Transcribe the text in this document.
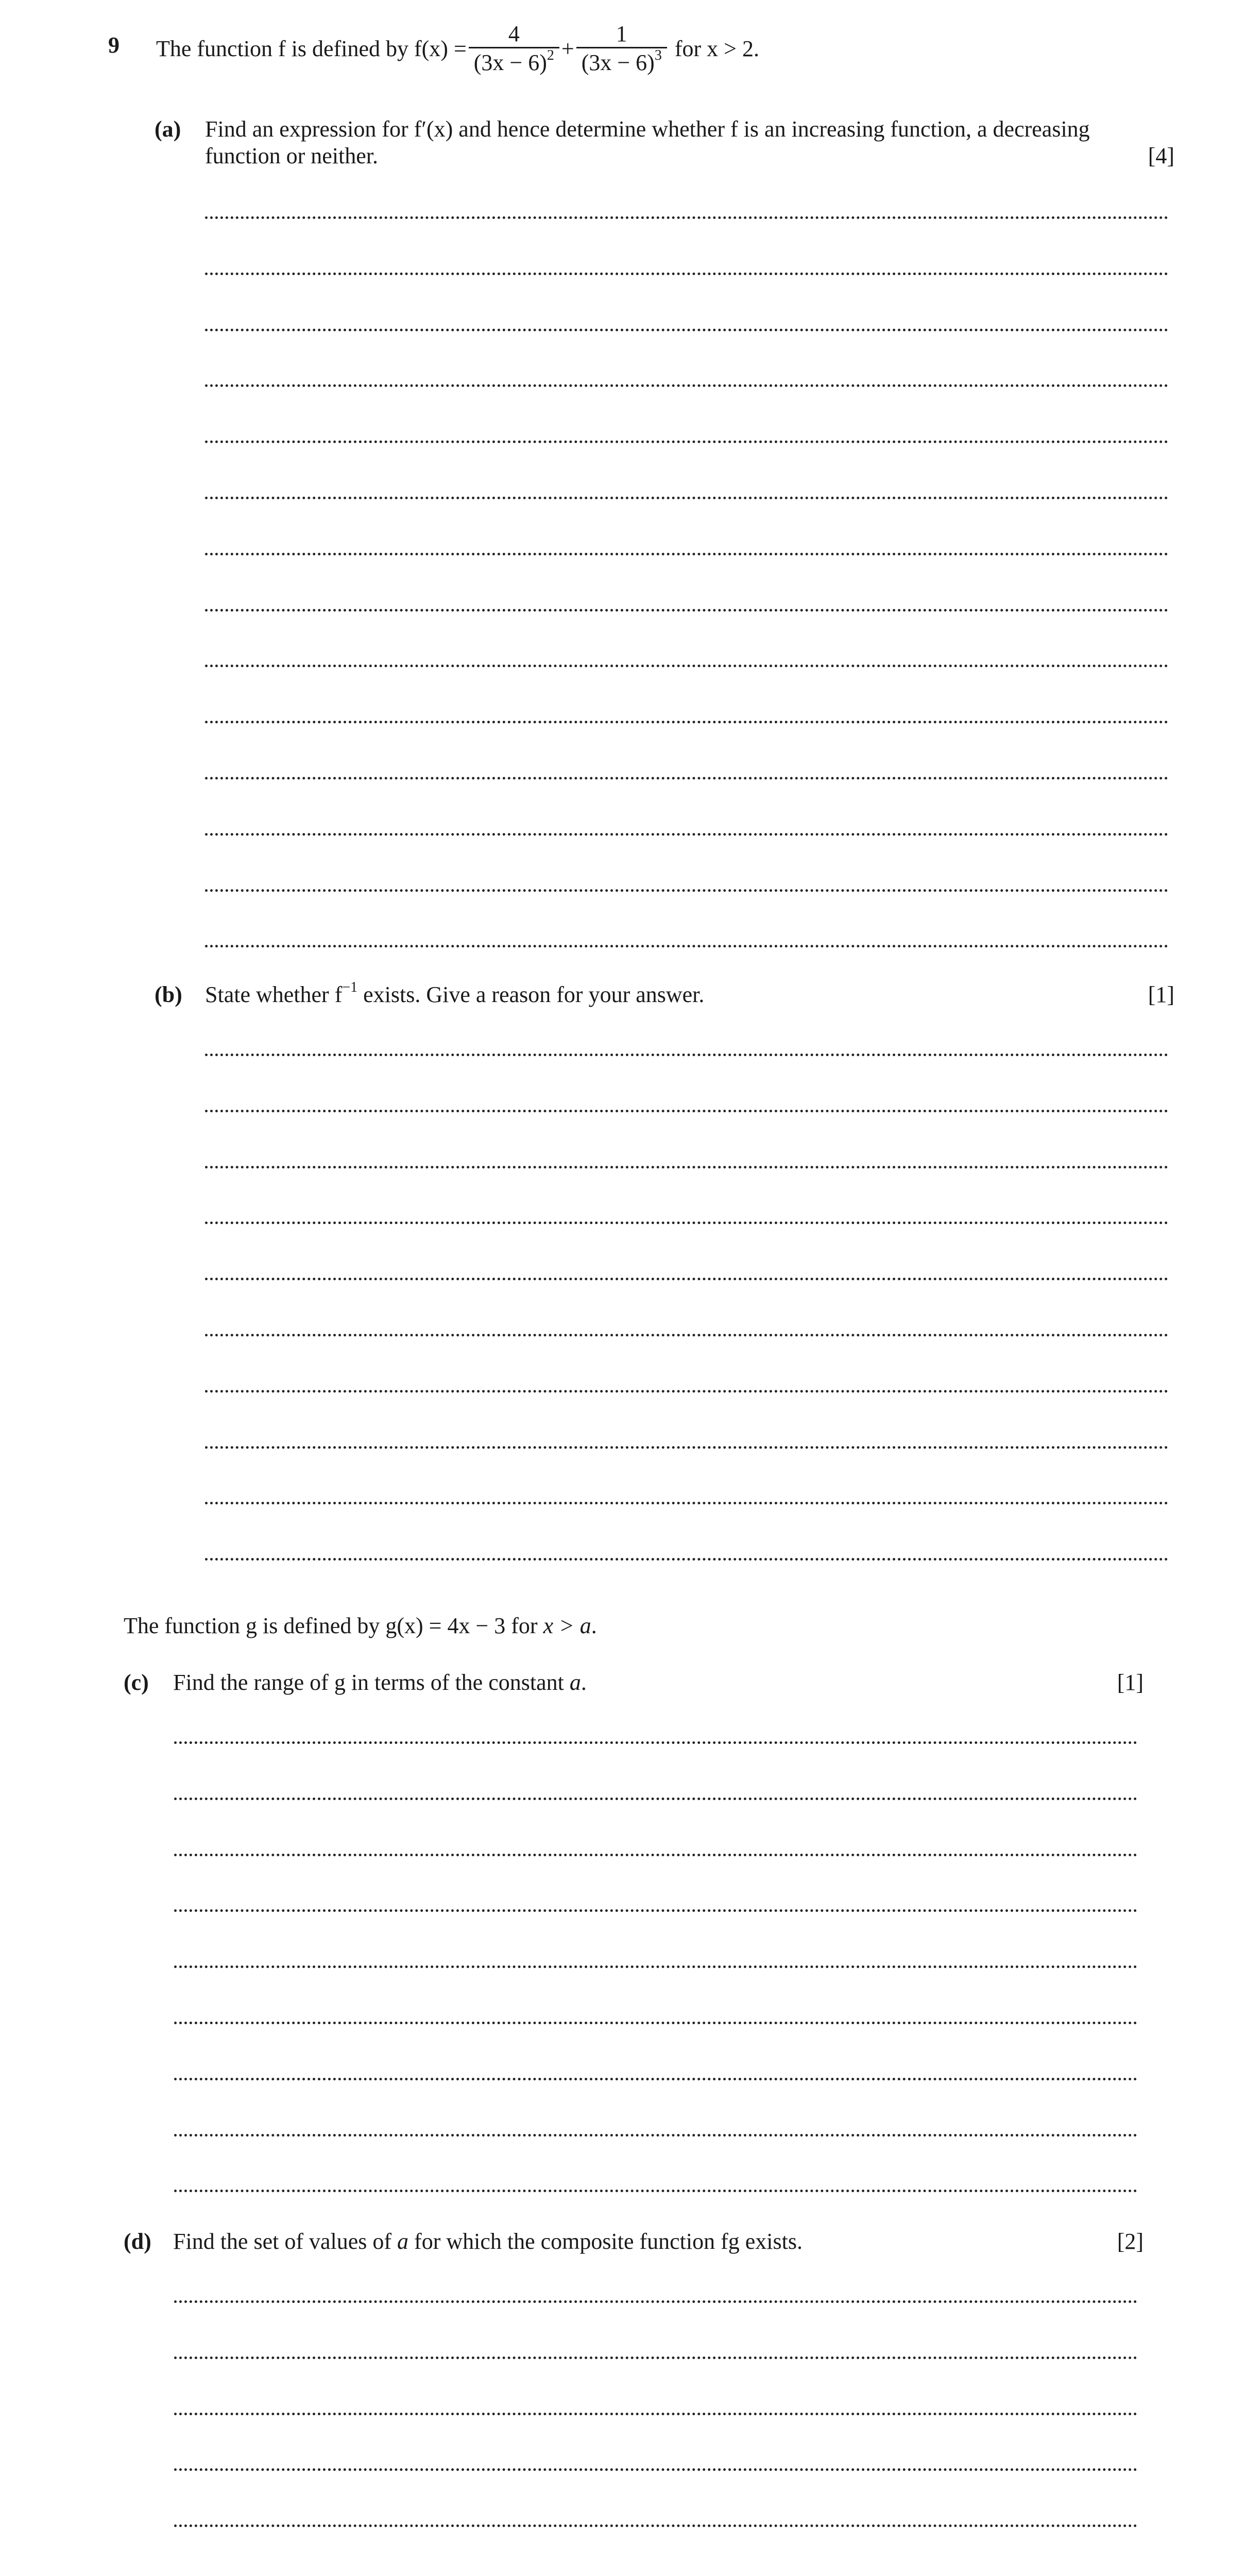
9 The function f is defined by
$f(x) = \frac{4}{(3x - 6)^2} + \frac{1}{(3x - 6)^3}$
for x > 2.
(a) Find an expression for f′(x) and hence determine whether f is an increasing function, a decreasing
function or neither.	[4]
(b) State whether $f^{-1}$ exists. Give a reason for your answer.	[1]
The function g is defined by g(x) = 4x − 3 for x > a.
(c) Find the range of g in terms of the constant a.	[1]
(d) Find the set of values of a for which the composite function fg exists.	[2]
